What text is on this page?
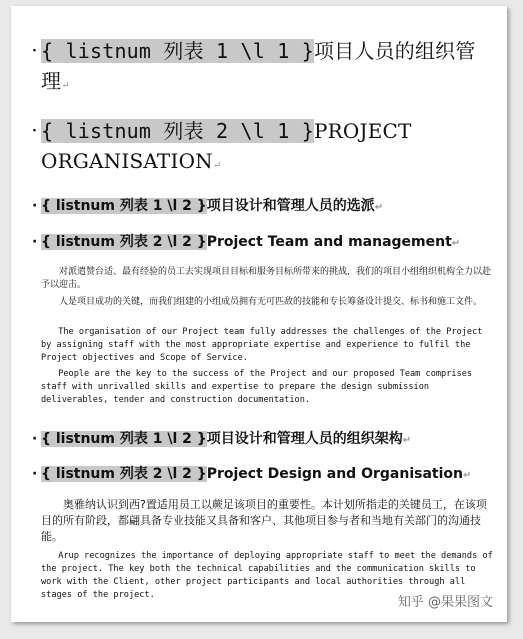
· { listnum 列表 1 \l 1 }项目人员的组织管理↵
· { listnum 列表 2 \l 1 }PROJECT ORGANISATION↵
· { listnum 列表 1 \l 2 }项目设计和管理人员的选派↵
· { listnum 列表 2 \l 2 }Project Team and management↵
对派遣赞台适、最有经验的员工去实现项目目标和服务目标所带来的挑战，我们的项目小组组织机构全力以赴予以迎击。
人是项目成功的关键，而我们组建的小组成员拥有无可匹敌的技能和专长筹备设计提交、标书和施工文件。
The organisation of our Project team fully addresses the challenges of the Project by assigning staff with the most appropriate expertise and experience to fulfil the Project objectives and Scope of Service.
People are the key to the success of the Project and our proposed Team comprises staff with unrivalled skills and expertise to prepare the design submission deliverables, tender and construction documentation.
· { listnum 列表 1 \l 2 }项目设计和管理人员的组织架构↵
· { listnum 列表 2 \l 2 }Project Design and Organisation↵
奥雅纳认识到西?置适用员工以蕨足该项目的重要性。本计划所指走的关键员工，在该项目的所有阶段，都翩具备专业技能又具备和客户、其他项目参与者和当地有关部门的沟通技能。
Arup recognizes the importance of deploying appropriate staff to meet the demands of the project. The key both the technical capabilities and the communication skills to work with the Client, other project participants and local authorities through all stages of the project.	知乎 @果果图文
